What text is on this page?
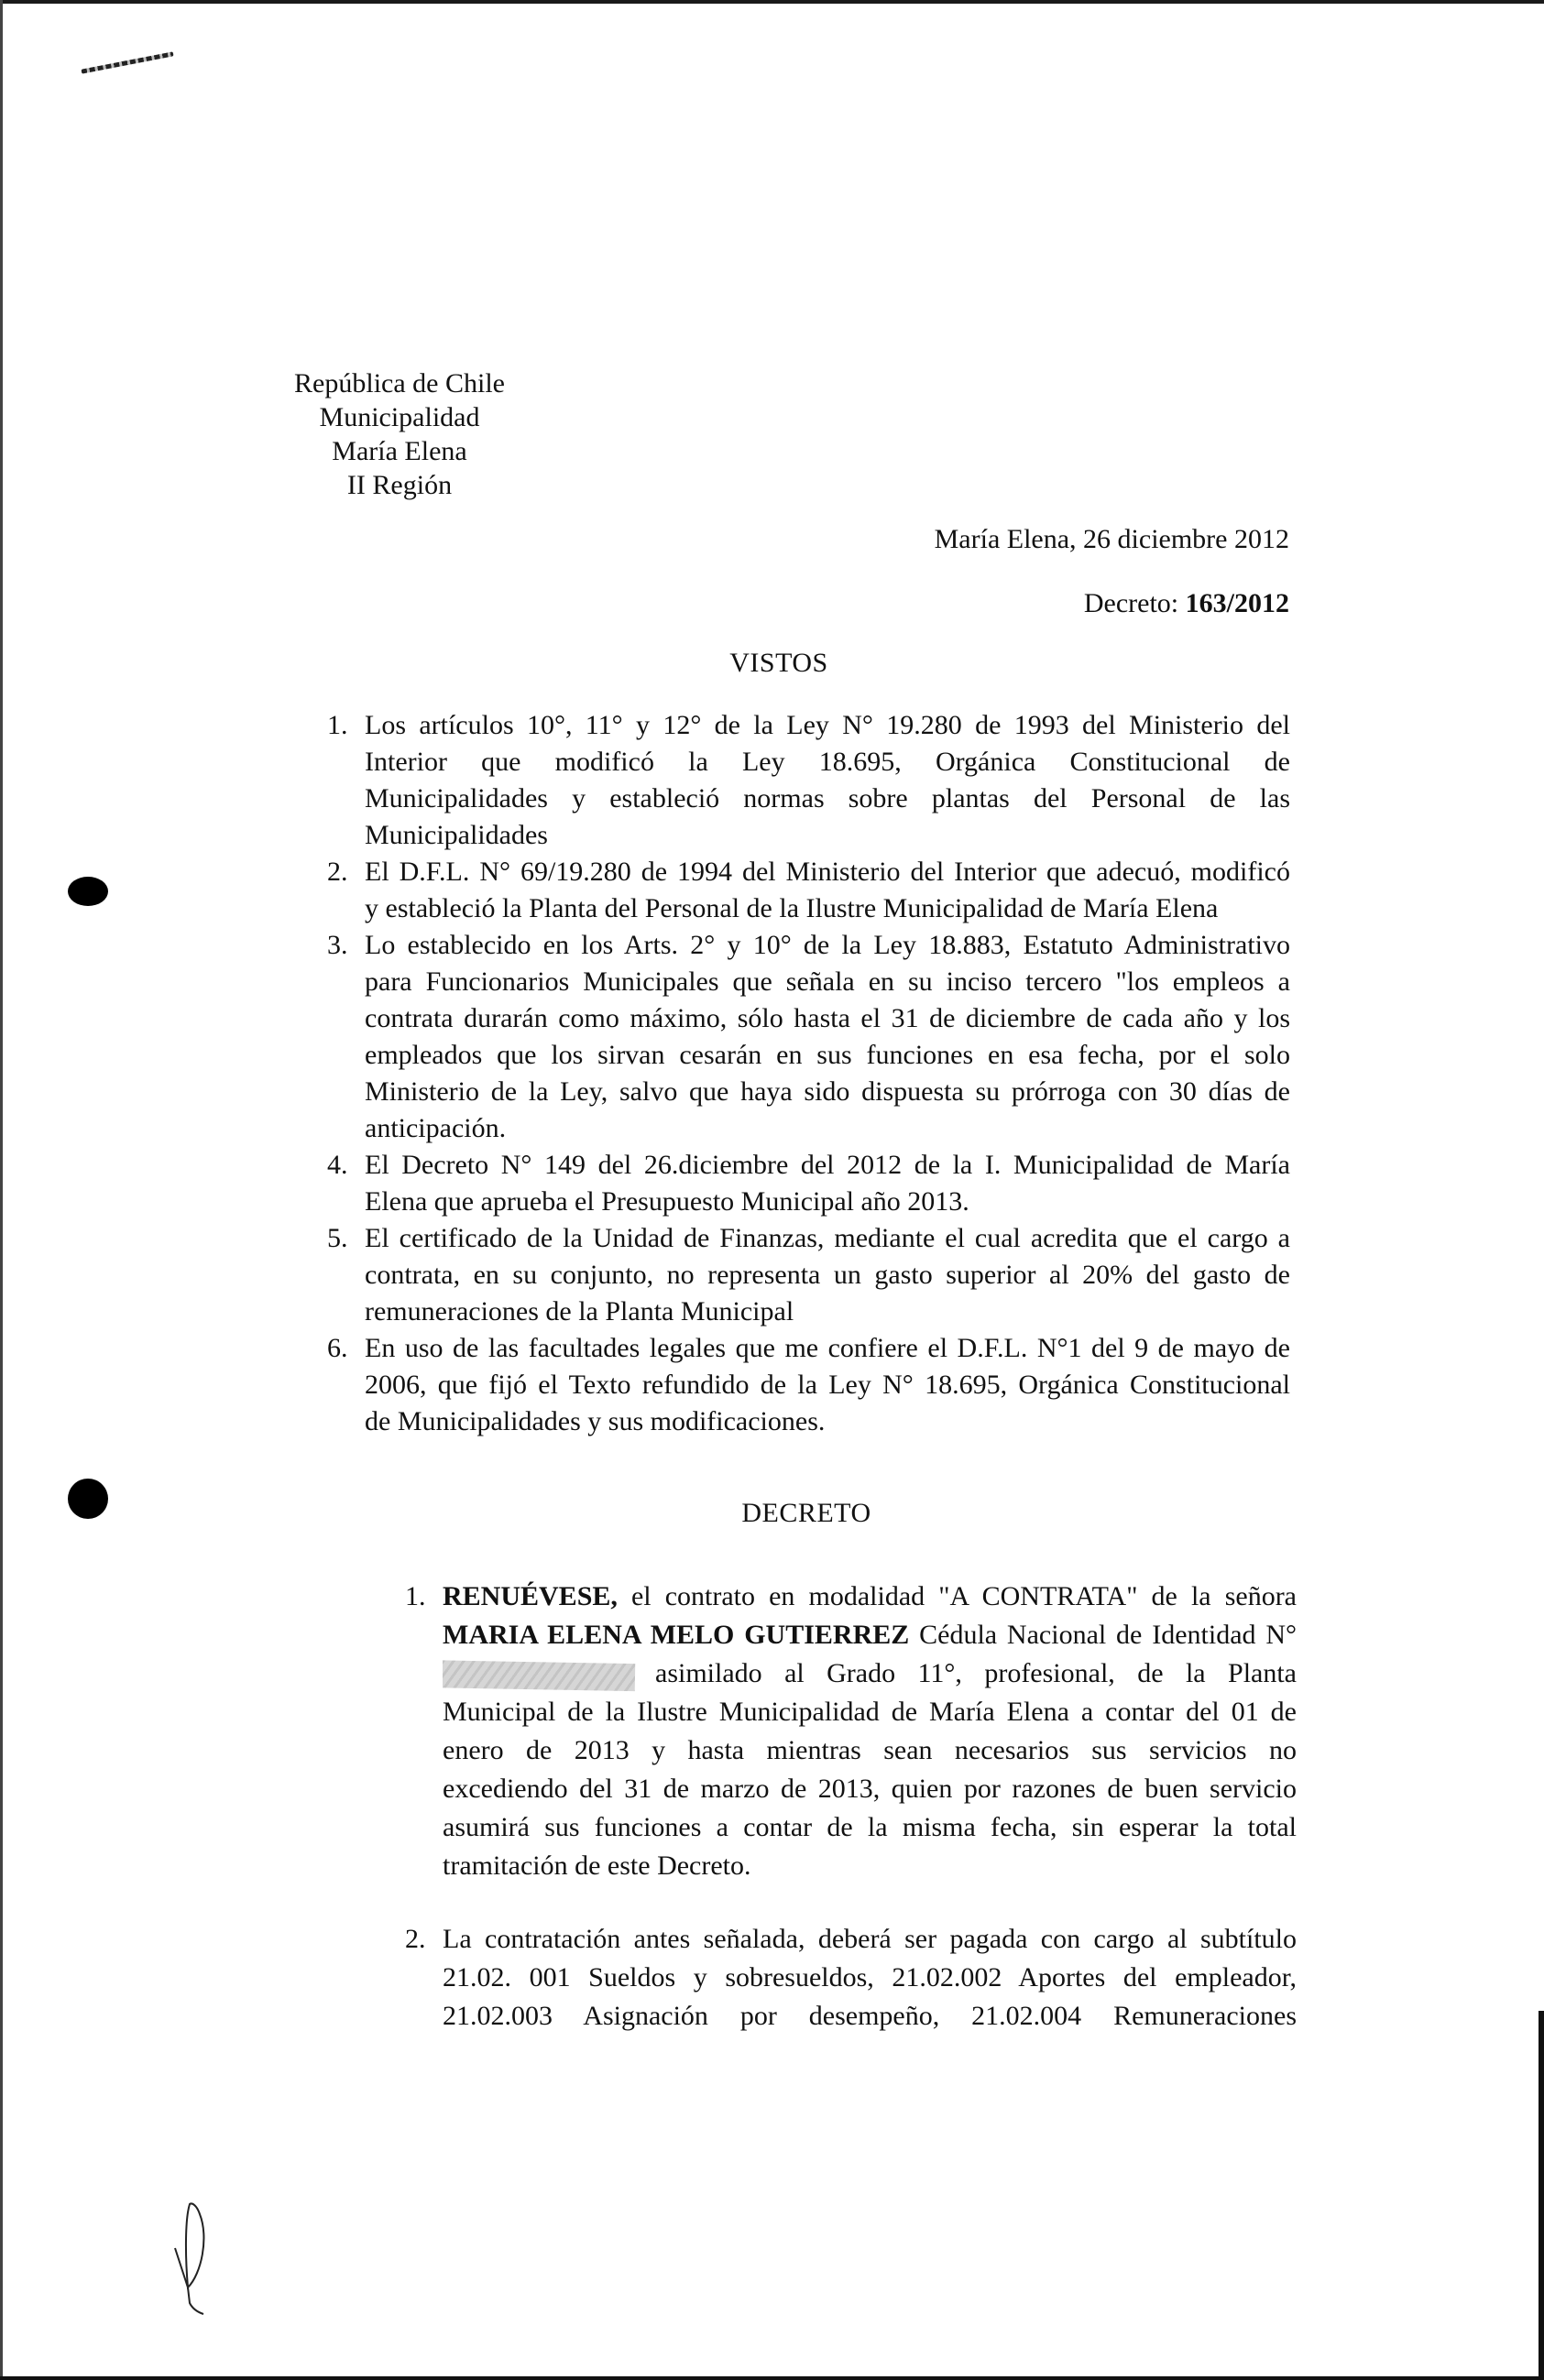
República de Chile
Municipalidad
María Elena
II Región
María Elena, 26 diciembre 2012
Decreto: 163/2012
VISTOS
1. Los artículos 10°, 11° y 12° de la Ley N° 19.280 de 1993 del Ministerio del
Interior que modificó la Ley 18.695, Orgánica Constitucional de
Municipalidades y estableció normas sobre plantas del Personal de las
Municipalidades
2. El D.F.L. N° 69/19.280 de 1994 del Ministerio del Interior que adecuó, modificó
y estableció la Planta del Personal de la Ilustre Municipalidad de María Elena
3. Lo establecido en los Arts. 2° y 10° de la Ley 18.883, Estatuto Administrativo
para Funcionarios Municipales que señala en su inciso tercero "los empleos a
contrata durarán como máximo, sólo hasta el 31 de diciembre de cada año y los
empleados que los sirvan cesarán en sus funciones en esa fecha, por el solo
Ministerio de la Ley, salvo que haya sido dispuesta su prórroga con 30 días de
anticipación.
4. El Decreto N° 149 del 26.diciembre del 2012 de la I. Municipalidad de María
Elena que aprueba el Presupuesto Municipal año 2013.
5. El certificado de la Unidad de Finanzas, mediante el cual acredita que el cargo a
contrata, en su conjunto, no representa un gasto superior al 20% del gasto de
remuneraciones de la Planta Municipal
6. En uso de las facultades legales que me confiere el D.F.L. N°1 del 9 de mayo de
2006, que fijó el Texto refundido de la Ley N° 18.695, Orgánica Constitucional
de Municipalidades y sus modificaciones.
DECRETO
1. RENUÉVESE, el contrato en modalidad "A CONTRATA" de la señora
MARIA ELENA MELO GUTIERREZ Cédula Nacional de Identidad N°
asimilado al Grado 11°, profesional, de la Planta
Municipal de la Ilustre Municipalidad de María Elena a contar del 01 de
enero de 2013 y hasta mientras sean necesarios sus servicios no
excediendo del 31 de marzo de 2013, quien por razones de buen servicio
asumirá sus funciones a contar de la misma fecha, sin esperar la total
tramitación de este Decreto.
2. La contratación antes señalada, deberá ser pagada con cargo al subtítulo
21.02. 001 Sueldos y sobresueldos, 21.02.002 Aportes del empleador,
21.02.003 Asignación por desempeño, 21.02.004 Remuneraciones
